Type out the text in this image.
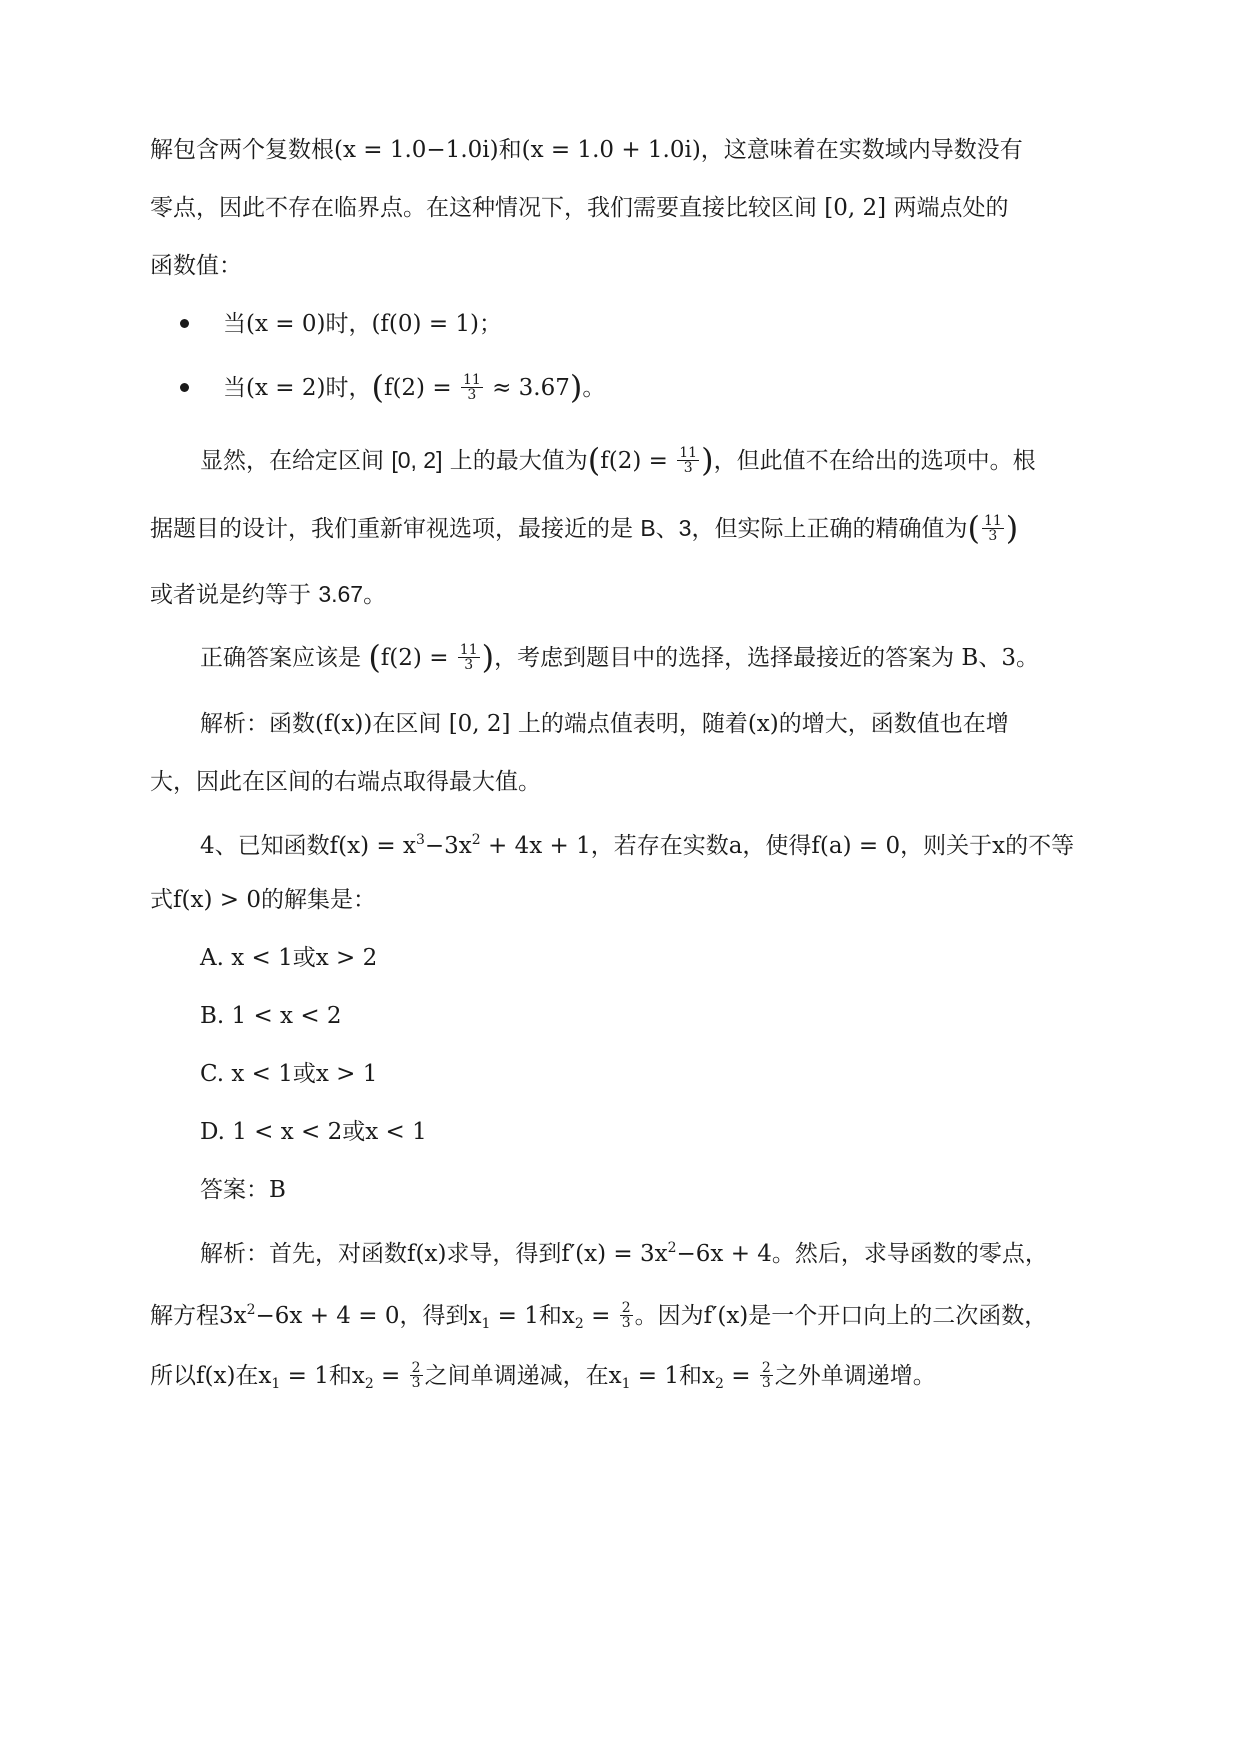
解包含两个复数根(x = 1.0−1.0i)和(x = 1.0 + 1.0i)，这意味着在实数域内导数没有
零点，因此不存在临界点。在这种情况下，我们需要直接比较区间 [0, 2] 两端点处的
函数值：
当(x = 0)时，(f(0) = 1)；
当(x = 2)时，$(f(2) = \frac{11}{3} \approx 3.67)$。
显然，在给定区间 [0, 2] 上的最大值为($f(2) = \frac{11}{3}$ )，但此值不在给出的选项中。根
据题目的设计，我们重新审视选项，最接近的是 B、3，但实际上正确的精确值为( $\frac{11}{3}$ )
或者说是约等于 3.67。
正确答案应该是 ($f(2) = \frac{11}{3}$ )，考虑到题目中的选择，选择最接近的答案为 B、3。
解析：函数(f(x))在区间 [0, 2] 上的端点值表明，随着(x)的增大，函数值也在增
大，因此在区间的右端点取得最大值。
4、已知函数$f(x) = x^3-3x^2 + 4x + 1$，若存在实数a，使得f(a) = 0，则关于x的不等
式f(x) > 0的解集是：
A. x < 1或x > 2
B. 1 < x < 2
C. x < 1或x > 1
D. 1 < x < 2或x < 1
答案：B
解析：首先，对函数f(x)求导，得到$f'(x) = 3x^2-6x + 4$。然后，求导函数的零点，
解方程$3x^2-6x + 4 = 0$，得到$x_1 = 1$和$x_2 = \frac{2}{3}$ 。因为f′(x)是一个开口向上的二次函数，
所以f(x)在$x_1 = 1$和$x_2 = \frac{2}{3}$ 之间单调递减，在$x_1 = 1$和$x_2 = \frac{2}{3}$ 之外单调递增。
